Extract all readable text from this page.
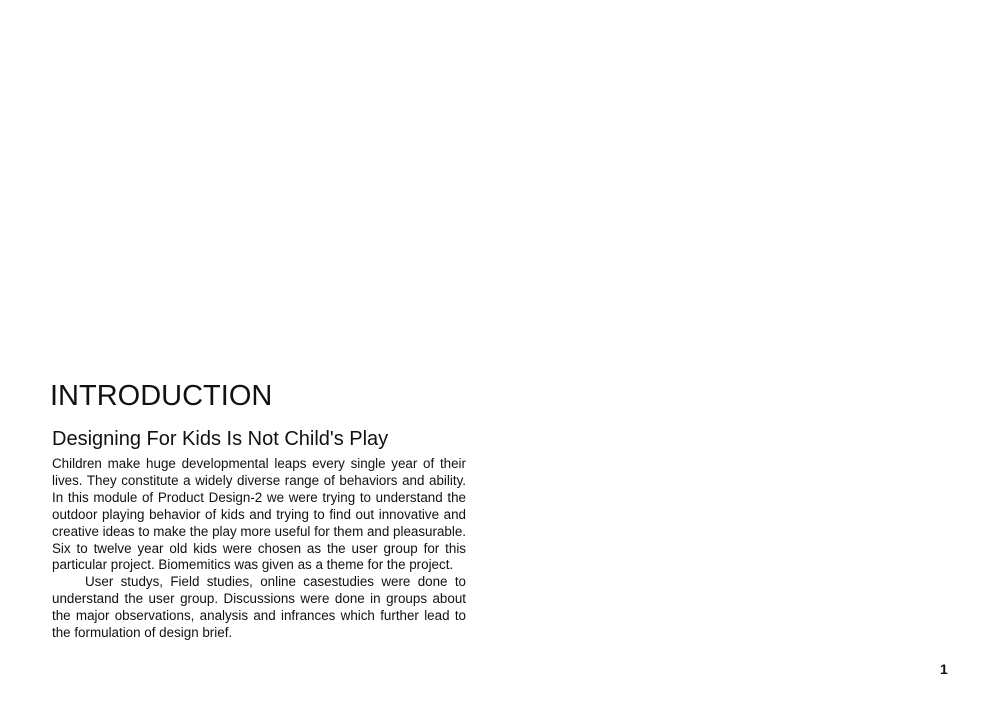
INTRODUCTION
Designing For Kids Is Not Child's Play

Children make huge developmental leaps every single year of their lives. They constitute a widely diverse range of behaviors and ability. In this module of Product Design-2 we were trying to understand the outdoor playing behavior of kids and trying to find out innovative and creative ideas to make the play more useful for them and pleasurable. Six to twelve year old kids were chosen as the user group for this particular project. Biomemitics was given as a theme for the project.

User studys, Field studies, online casestudies were done to understand the user group. Discussions were done in groups about the major observations, analysis and infrances which further lead to the formulation of design brief.

1
